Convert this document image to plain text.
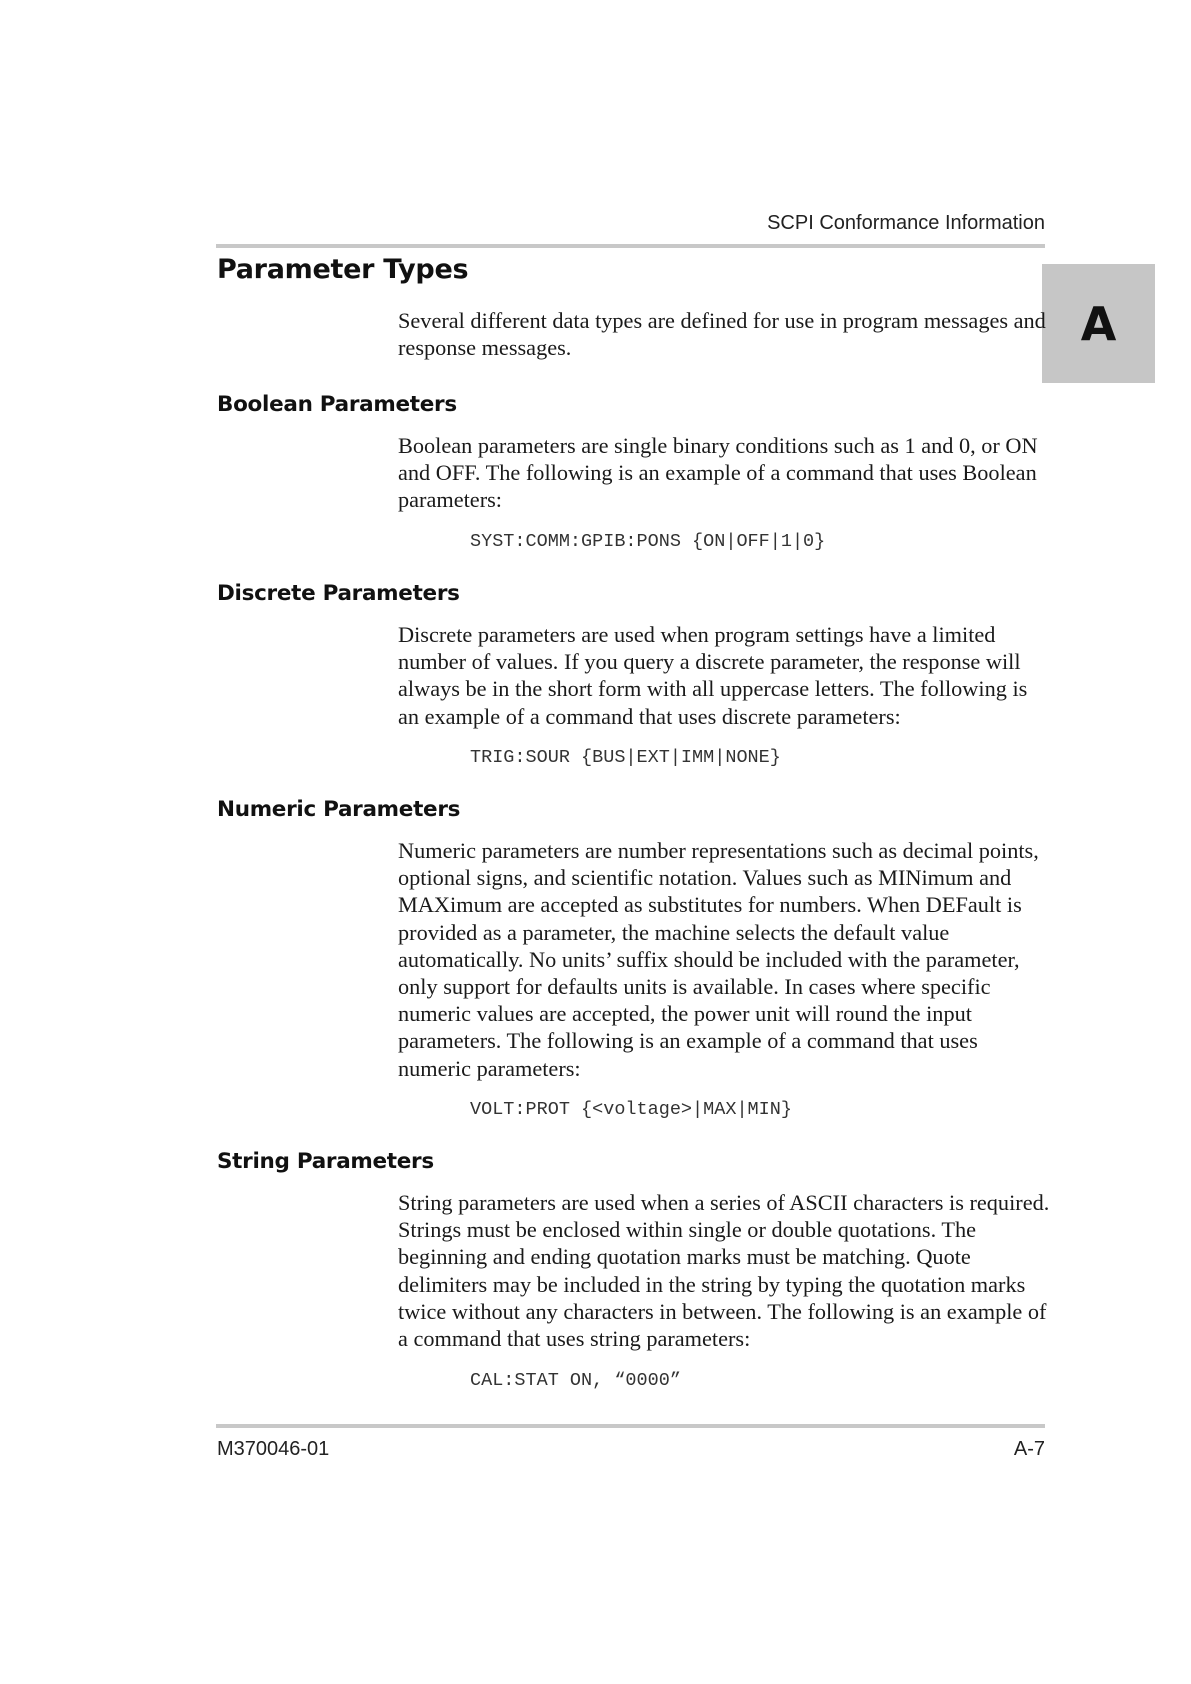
SCPI Conformance Information
A
Parameter Types

Several different data types are defined for use in program messages and response messages.

Boolean Parameters

Boolean parameters are single binary conditions such as 1 and 0, or ON and OFF. The following is an example of a command that uses Boolean parameters:

SYST:COMM:GPIB:PONS {ON|OFF|1|0}
Discrete Parameters

Discrete parameters are used when program settings have a limited number of values. If you query a discrete parameter, the response will always be in the short form with all uppercase letters. The following is an example of a command that uses discrete parameters:

TRIG:SOUR {BUS|EXT|IMM|NONE}
Numeric Parameters

Numeric parameters are number representations such as decimal points, optional signs, and scientific notation. Values such as MINimum and MAXimum are accepted as substitutes for numbers. When DEFault is provided as a parameter, the machine selects the default value automatically. No units’ suffix should be included with the parameter, only support for defaults units is available. In cases where specific numeric values are accepted, the power unit will round the input parameters. The following is an example of a command that uses numeric parameters:

VOLT:PROT {<voltage>|MAX|MIN}
String Parameters

String parameters are used when a series of ASCII characters is required. Strings must be enclosed within single or double quotations. The beginning and ending quotation marks must be matching. Quote delimiters may be included in the string by typing the quotation marks twice without any characters in between. The following is an example of a command that uses string parameters:

CAL:STAT ON, “0000”
M370046-01	A-7
